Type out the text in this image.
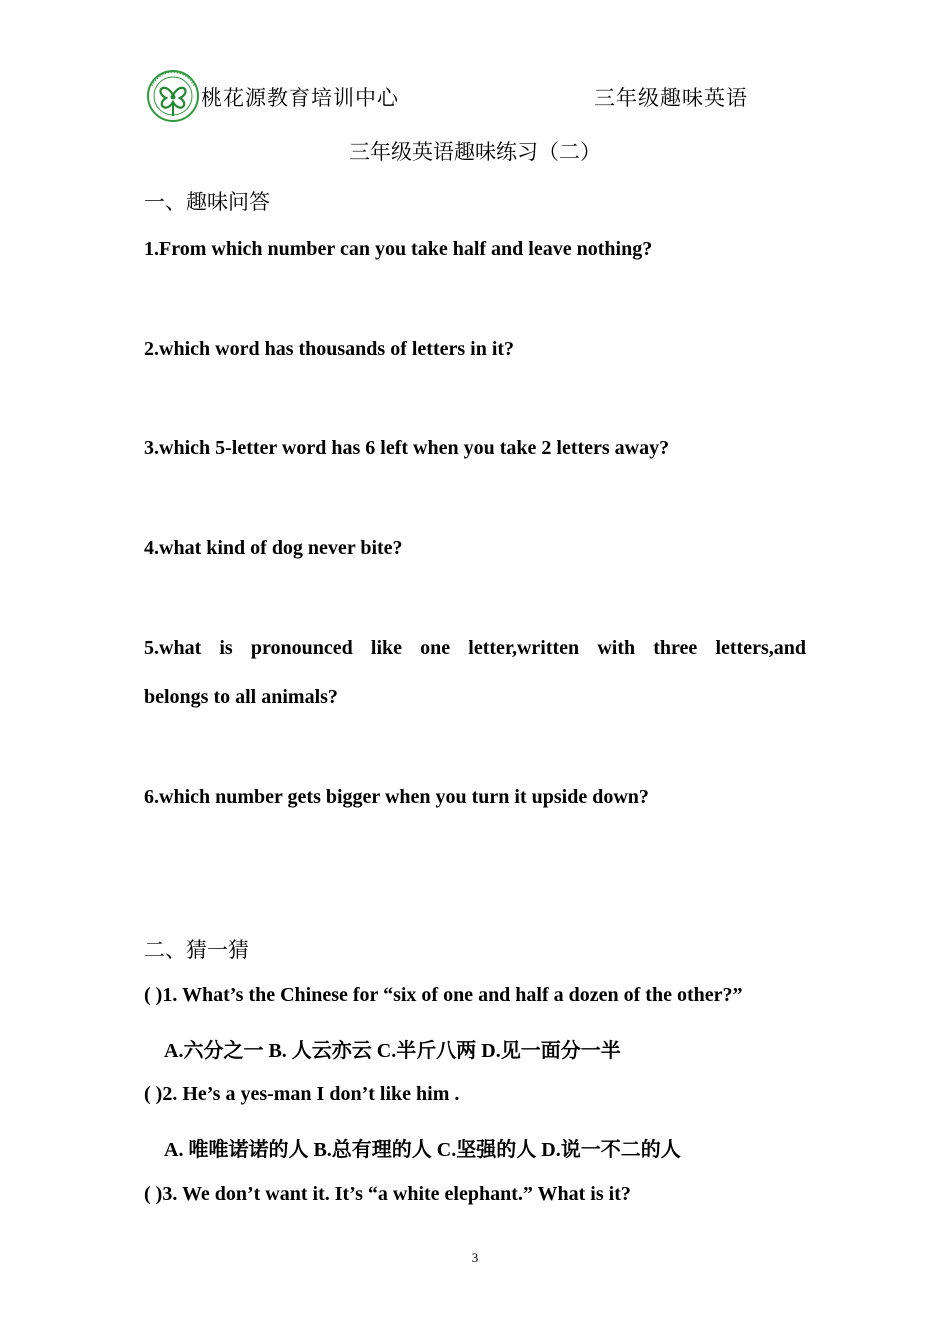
桃花源教育培训中心	三年级趣味英语
三年级英语趣味练习（二）
一、趣味问答
1.From which number can you take half and leave nothing?
2.which word has thousands of letters in it?
3.which 5-letter word has 6 left when you take 2 letters away?
4.what kind of dog never bite?
5.what is pronounced like one letter,written with three letters,and
belongs to all animals?
6.which number gets bigger when you turn it upside down?
二、猜一猜
( )1. What’s the Chinese for “six of one and half a dozen of the other?”
A.六分之一 B. 人云亦云 C.半斤八两 D.见一面分一半
( )2. He’s a yes-man I don’t like him .
A. 唯唯诺诺的人 B.总有理的人 C.坚强的人 D.说一不二的人
( )3. We don’t want it. It’s “a white elephant.” What is it?
3
